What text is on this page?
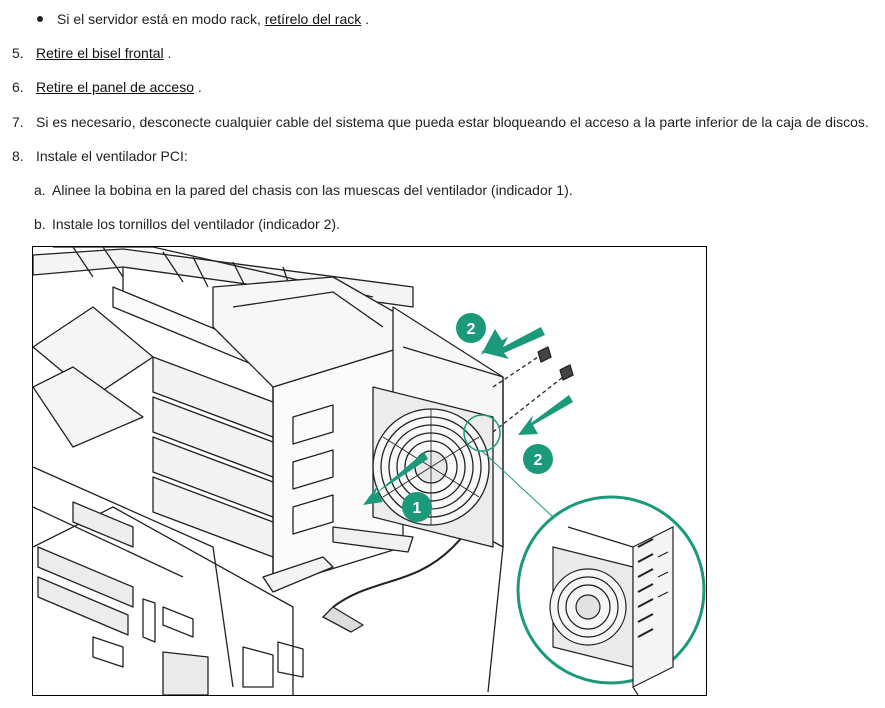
Si el servidor está en modo rack, retírelo del rack .
5. Retire el bisel frontal .
6. Retire el panel de acceso .
7. Si es necesario, desconecte cualquier cable del sistema que pueda estar bloqueando el acceso a la parte inferior de la caja de discos.
8. Instale el ventilador PCI:
a. Alinee la bobina en la pared del chasis con las muescas del ventilador (indicador 1).
b. Instale los tornillos del ventilador (indicador 2).
2
1
2
